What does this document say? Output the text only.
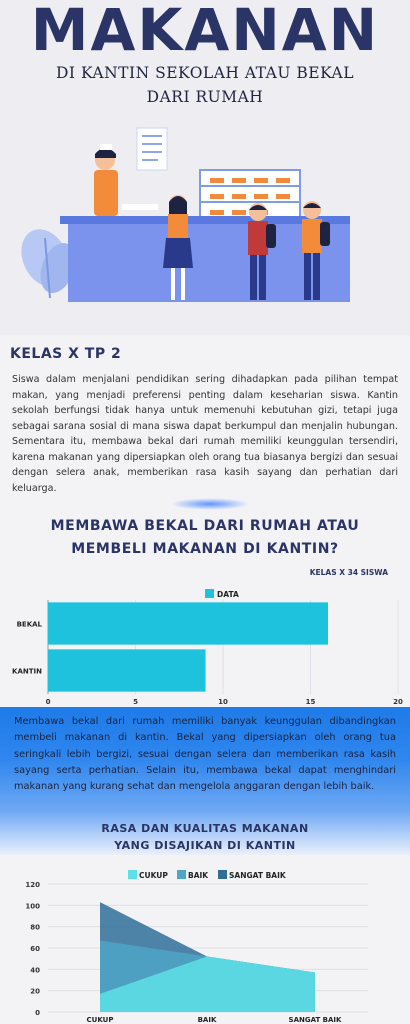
MAKANAN
DI KANTIN SEKOLAH ATAU BEKAL
DARI RUMAH
KELAS X TP 2
Siswa dalam menjalani pendidikan sering dihadapkan pada pilihan tempat makan, yang menjadi preferensi penting dalam keseharian siswa. Kantin sekolah berfungsi tidak hanya untuk memenuhi kebutuhan gizi, tetapi juga sebagai sarana sosial di mana siswa dapat berkumpul dan menjalin hubungan. Sementara itu, membawa bekal dari rumah memiliki keunggulan tersendiri, karena makanan yang dipersiapkan oleh orang tua biasanya bergizi dan sesuai dengan selera anak, memberikan rasa kasih sayang dan perhatian dari keluarga.
MEMBAWA BEKAL DARI RUMAH ATAU
MEMBELI MAKANAN DI KANTIN?
KELAS X 34 SISWA
DATA
0	5	10	15	20
BEKAL
KANTIN
Membawa bekal dari rumah memiliki banyak keunggulan dibandingkan membeli makanan di kantin. Bekal yang dipersiapkan oleh orang tua seringkali lebih bergizi, sesuai dengan selera dan memberikan rasa kasih sayang serta perhatian. Selain itu, membawa bekal dapat menghindari makanan yang kurang sehat dan mengelola anggaran dengan lebih baik.
RASA DAN KUALITAS MAKANAN
YANG DISAJIKAN DI KANTIN
CUKUP	BAIK	SANGAT BAIK
0
20
40
60
80
100
120
CUKUP	BAIK	SANGAT BAIK
